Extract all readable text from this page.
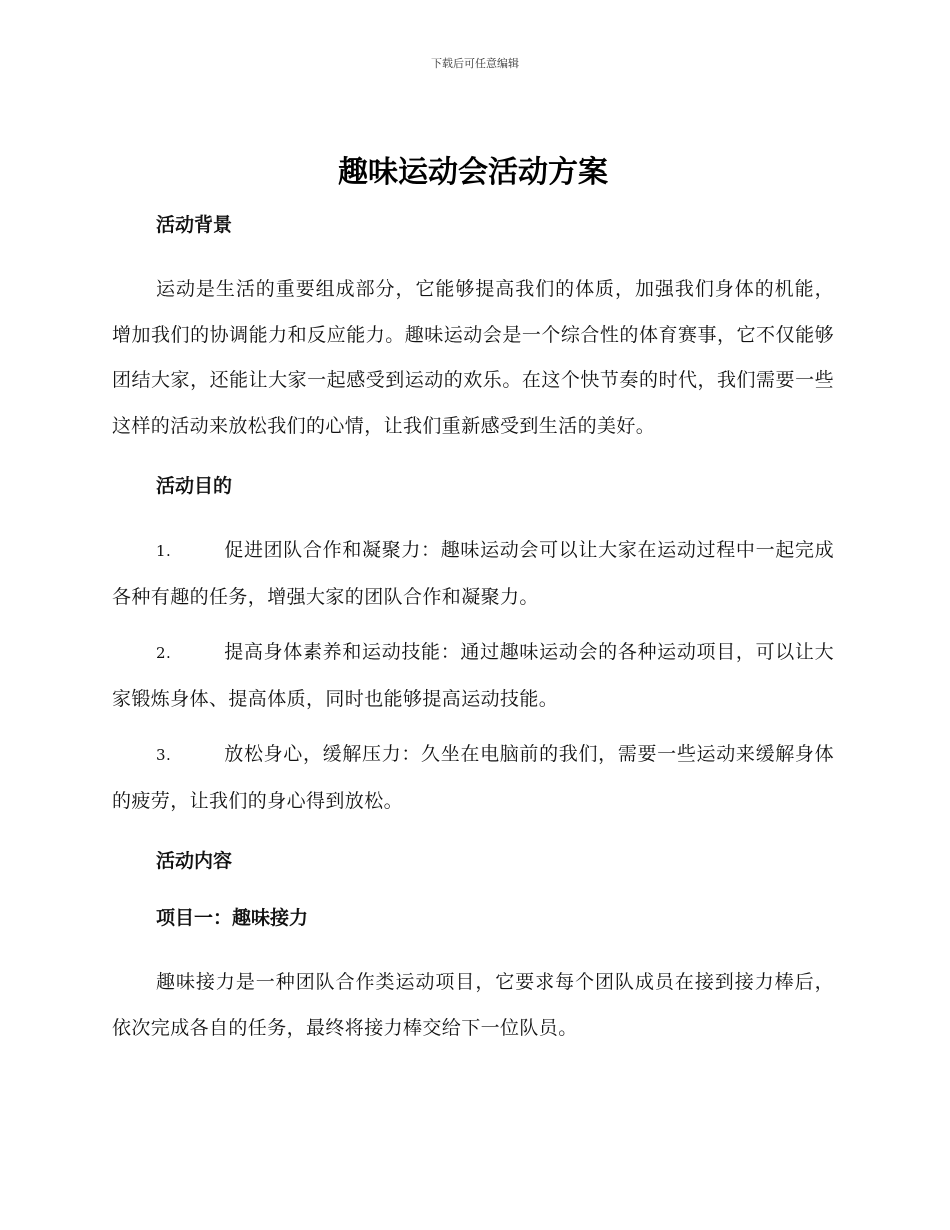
下载后可任意编辑
趣味运动会活动方案
活动背景

运动是生活的重要组成部分，它能够提高我们的体质，加强我们身体的机能，增加我们的协调能力和反应能力。趣味运动会是一个综合性的体育赛事，它不仅能够团结大家，还能让大家一起感受到运动的欢乐。在这个快节奏的时代，我们需要一些这样的活动来放松我们的心情，让我们重新感受到生活的美好。

活动目的

1.	促进团队合作和凝聚力：趣味运动会可以让大家在运动过程中一起完成各种有趣的任务，增强大家的团队合作和凝聚力。

2.	提高身体素养和运动技能：通过趣味运动会的各种运动项目，可以让大家锻炼身体、提高体质，同时也能够提高运动技能。

3.	放松身心，缓解压力：久坐在电脑前的我们，需要一些运动来缓解身体的疲劳，让我们的身心得到放松。

活动内容
项目一：趣味接力

趣味接力是一种团队合作类运动项目，它要求每个团队成员在接到接力棒后，依次完成各自的任务，最终将接力棒交给下一位队员。
